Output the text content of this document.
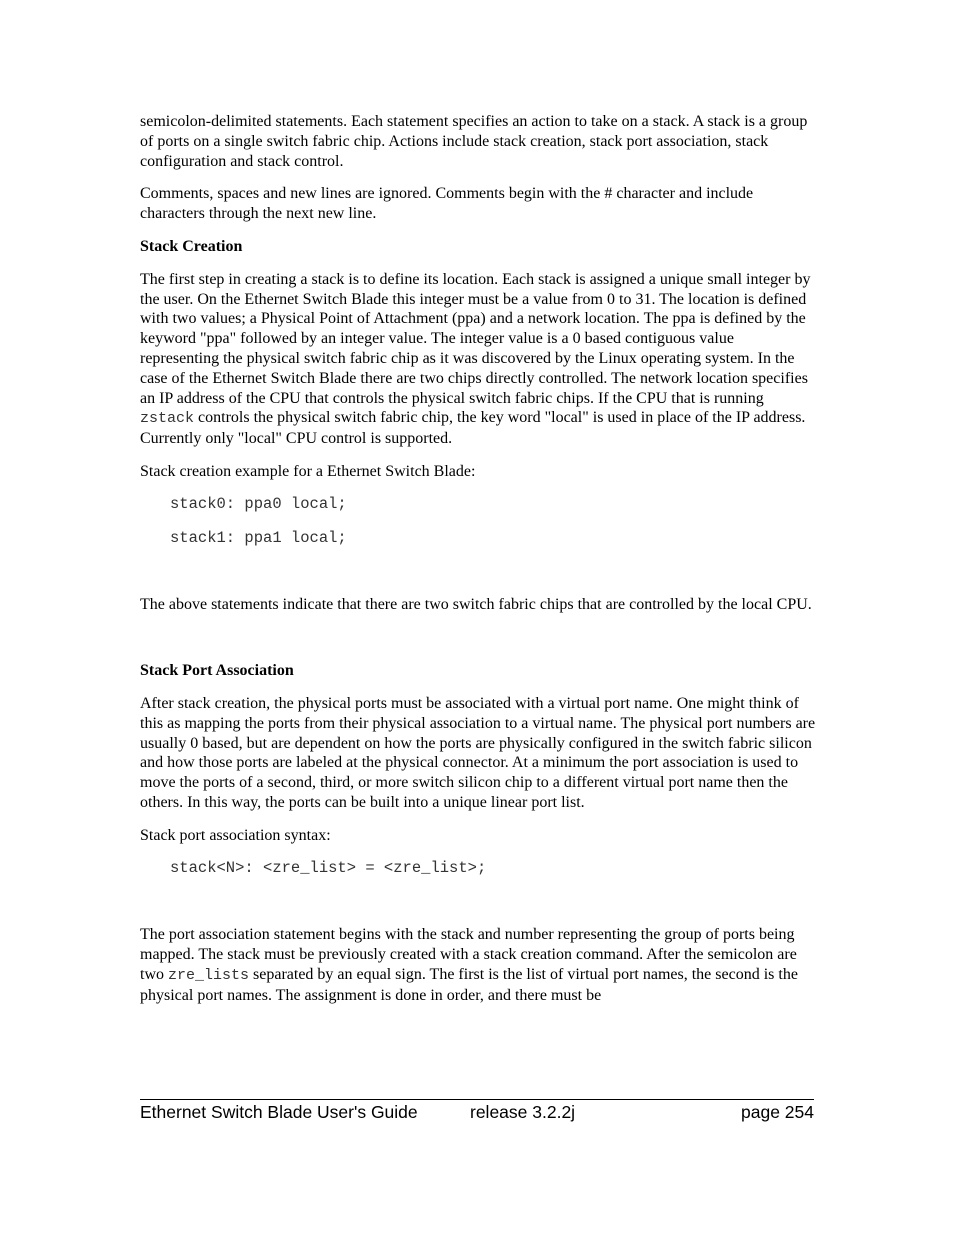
semicolon-delimited statements. Each statement specifies an action to take on a stack. A stack is a group of ports on a single switch fabric chip. Actions include stack creation, stack port association, stack configuration and stack control.

Comments, spaces and new lines are ignored. Comments begin with the # character and include characters through the next new line.

Stack Creation

The first step in creating a stack is to define its location. Each stack is assigned a unique small integer by the user. On the Ethernet Switch Blade this integer must be a value from 0 to 31. The location is defined with two values; a Physical Point of Attachment (ppa) and a network location. The ppa is defined by the keyword "ppa" followed by an integer value. The integer value is a 0 based contiguous value representing the physical switch fabric chip as it was discovered by the Linux operating system. In the case of the Ethernet Switch Blade there are two chips directly controlled. The network location specifies an IP address of the CPU that controls the physical switch fabric chips. If the CPU that is running zstack controls the physical switch fabric chip, the key word "local" is used in place of the IP address. Currently only "local" CPU control is supported.

Stack creation example for a Ethernet Switch Blade:

stack0: ppa0 local;
stack1: ppa1 local;

The above statements indicate that there are two switch fabric chips that are controlled by the local CPU.

Stack Port Association

After stack creation, the physical ports must be associated with a virtual port name. One might think of this as mapping the ports from their physical association to a virtual name. The physical port numbers are usually 0 based, but are dependent on how the ports are physically configured in the switch fabric silicon and how those ports are labeled at the physical connector. At a minimum the port association is used to move the ports of a second, third, or more switch silicon chip to a different virtual port name then the others. In this way, the ports can be built into a unique linear port list.

Stack port association syntax:

stack<N>: <zre_list> = <zre_list>;

The port association statement begins with the stack and number representing the group of ports being mapped. The stack must be previously created with a stack creation command. After the semicolon are two zre_lists separated by an equal sign. The first is the list of virtual port names, the second is the physical port names. The assignment is done in order, and there must be

Ethernet Switch Blade User's Guide	release 3.2.2j	page 254
